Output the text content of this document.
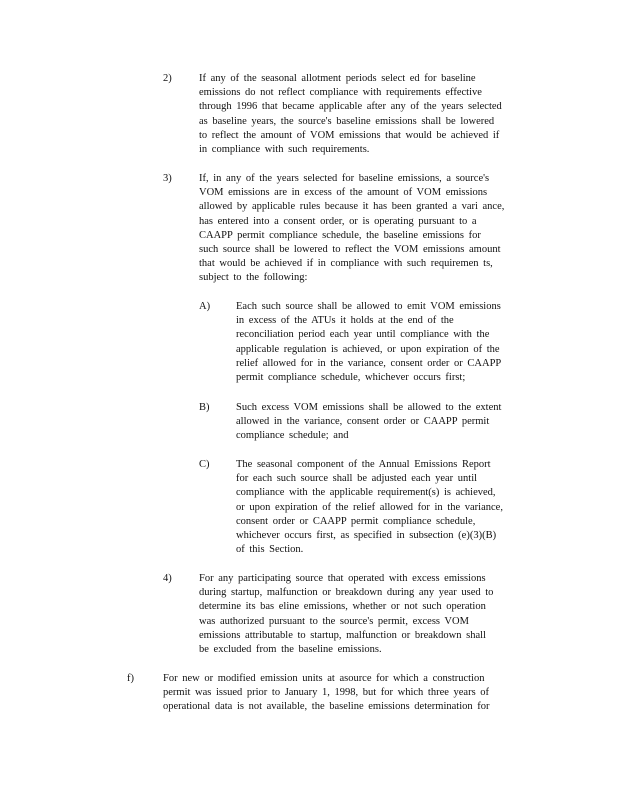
2)	If any of the seasonal allotment periods select ed for baseline
emissions do not reflect compliance with requirements effective
through 1996 that became applicable after any of the years selected
as baseline years, the source's baseline emissions shall be lowered
to reflect the amount of VOM emissions that would be achieved if
in compliance with such requirements.
3)	If, in any of the years selected for baseline emissions, a source's
VOM emissions are in excess of the amount of VOM emissions
allowed by applicable rules because it has been granted a vari ance,
has entered into a consent order, or is operating pursuant to a
CAAPP permit compliance schedule, the baseline emissions for
such source shall be lowered to reflect the VOM emissions amount
that would be achieved if in compliance with such requiremen ts,
subject to the following:
A) Each such source shall be allowed to emit VOM emissions
in excess of the ATUs it holds at the end of the
reconciliation period each year until compliance with the
applicable regulation is achieved, or upon expiration of the
relief allowed for in the variance, consent order or CAAPP
permit compliance schedule, whichever occurs first;
B)	Such excess VOM emissions shall be allowed to the extent
allowed in the variance, consent order or CAAPP permit
compliance schedule; and
C)	The seasonal component of the Annual Emissions Report
for each such source shall be adjusted each year until
compliance with the applicable requirement(s) is achieved,
or upon expiration of the relief allowed for in the variance,
consent order or CAAPP permit compliance schedule,
whichever occurs first, as specified in subsection (e)(3)(B)
of this Section.
4)	For any participating source that operated with excess emissions
during startup, malfunction or breakdown during any year used to
determine its bas eline emissions, whether or not such operation
was authorized pursuant to the source's permit, excess VOM
emissions attributable to startup, malfunction or breakdown shall
be excluded from the baseline emissions.
f)	For new or modified emission units at asource for which a construction
permit was issued prior to January 1, 1998, but for which three years of
operational data is not available, the baseline emissions determination for
